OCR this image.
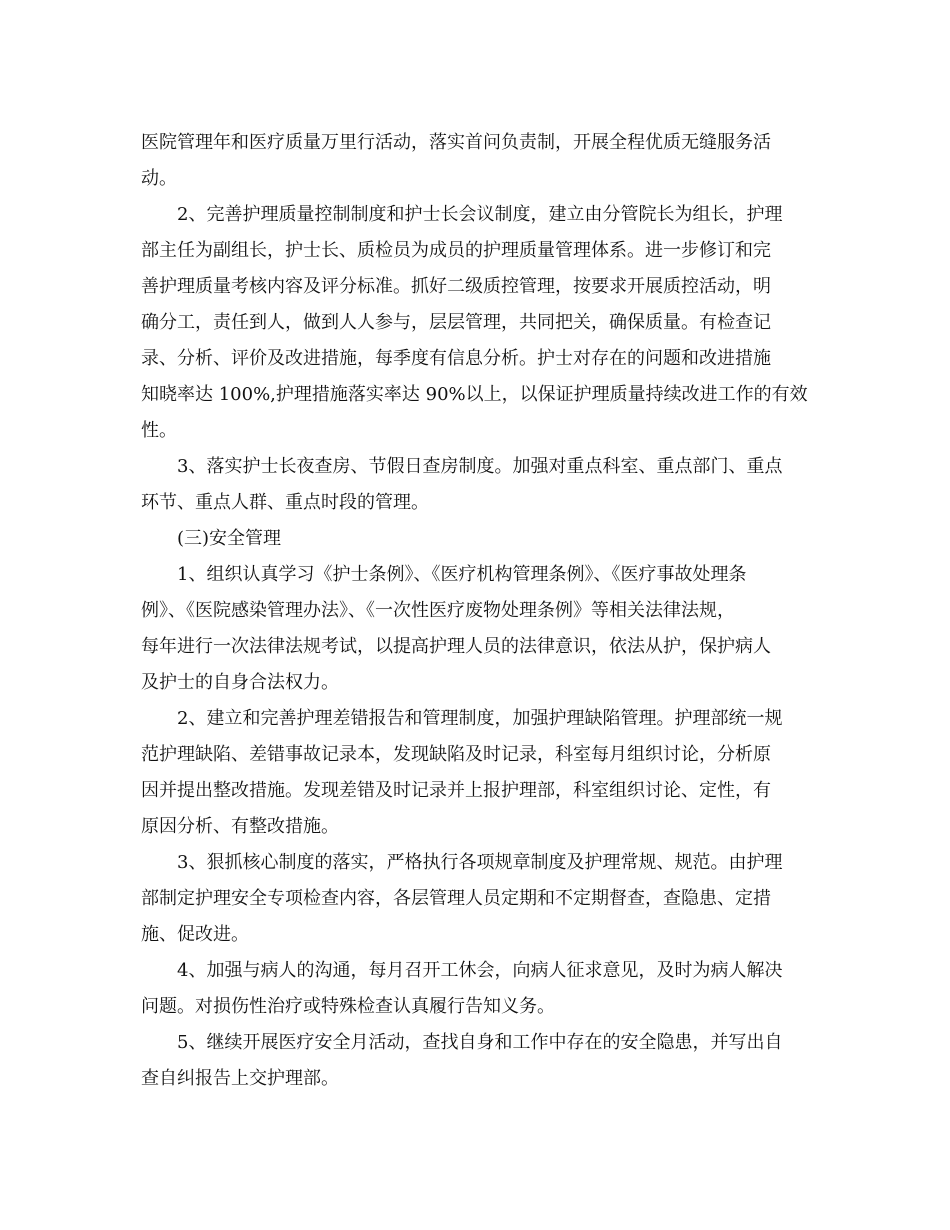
医院管理年和医疗质量万里行活动，落实首问负责制，开展全程优质无缝服务活
动。
2、完善护理质量控制制度和护士长会议制度，建立由分管院长为组长，护理
部主任为副组长，护士长、质检员为成员的护理质量管理体系。进一步修订和完
善护理质量考核内容及评分标准。抓好二级质控管理，按要求开展质控活动，明
确分工，责任到人，做到人人参与，层层管理，共同把关，确保质量。有检查记
录、分析、评价及改进措施，每季度有信息分析。护士对存在的问题和改进措施
知晓率达 100%,护理措施落实率达 90%以上，以保证护理质量持续改进工作的有效
性。
3、落实护士长夜查房、节假日查房制度。加强对重点科室、重点部门、重点
环节、重点人群、重点时段的管理。
(三)安全管理
1、组织认真学习《护士条例》、《医疗机构管理条例》、《医疗事故处理条
例》、《医院感染管理办法》、《一次性医疗废物处理条例》等相关法律法规，
每年进行一次法律法规考试，以提高护理人员的法律意识，依法从护，保护病人
及护士的自身合法权力。
2、建立和完善护理差错报告和管理制度，加强护理缺陷管理。护理部统一规
范护理缺陷、差错事故记录本，发现缺陷及时记录，科室每月组织讨论，分析原
因并提出整改措施。发现差错及时记录并上报护理部，科室组织讨论、定性，有
原因分析、有整改措施。
3、狠抓核心制度的落实，严格执行各项规章制度及护理常规、规范。由护理
部制定护理安全专项检查内容，各层管理人员定期和不定期督查，查隐患、定措
施、促改进。
4、加强与病人的沟通，每月召开工休会，向病人征求意见，及时为病人解决
问题。对损伤性治疗或特殊检查认真履行告知义务。
5、继续开展医疗安全月活动，查找自身和工作中存在的安全隐患，并写出自
查自纠报告上交护理部。
